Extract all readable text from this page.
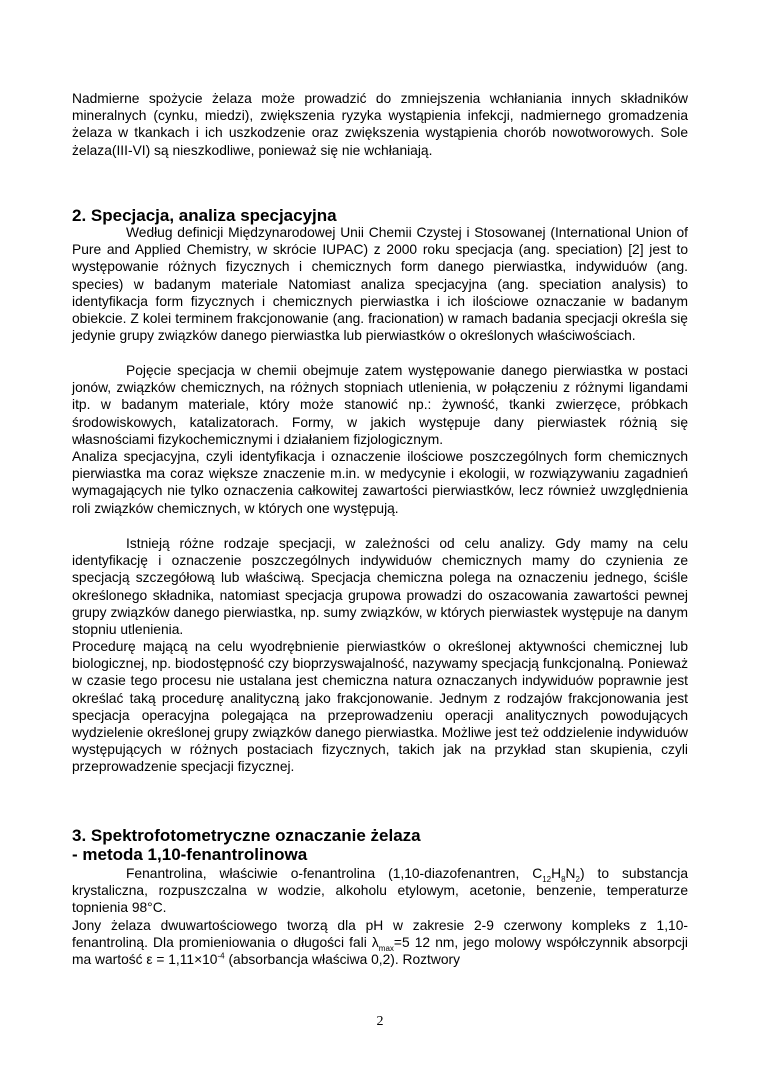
Nadmierne spożycie żelaza może prowadzić do zmniejszenia wchłaniania innych składników mineralnych (cynku, miedzi), zwiększenia ryzyka wystąpienia infekcji, nadmiernego gromadzenia żelaza w tkankach i ich uszkodzenie oraz zwiększenia wystąpienia chorób nowotworowych. Sole żelaza(III-VI) są nieszkodliwe, ponieważ się nie wchłaniają.
2. Specjacja, analiza specjacyjna
Według definicji Międzynarodowej Unii Chemii Czystej i Stosowanej (International Union of Pure and Applied Chemistry, w skrócie IUPAC) z 2000 roku specjacja (ang. speciation) [2] jest to występowanie różnych fizycznych i chemicznych form danego pierwiastka, indywiduów (ang. species) w badanym materiale Natomiast analiza specjacyjna (ang. speciation analysis) to identyfikacja form fizycznych i chemicznych pierwiastka i ich ilościowe oznaczanie w badanym obiekcie. Z kolei terminem frakcjonowanie (ang. fracionation) w ramach badania specjacji określa się jedynie grupy związków danego pierwiastka lub pierwiastków o określonych właściwościach.
Pojęcie specjacja w chemii obejmuje zatem występowanie danego pierwiastka w postaci jonów, związków chemicznych, na różnych stopniach utlenienia, w połączeniu z różnymi ligandami itp. w badanym materiale, który może stanowić np.: żywność, tkanki zwierzęce, próbkach środowiskowych, katalizatorach. Formy, w jakich występuje dany pierwiastek różnią się własnościami fizykochemicznymi i działaniem fizjologicznym.
Analiza specjacyjna, czyli identyfikacja i oznaczenie ilościowe poszczególnych form chemicznych pierwiastka ma coraz większe znaczenie m.in. w medycynie i ekologii, w rozwiązywaniu zagadnień wymagających nie tylko oznaczenia całkowitej zawartości pierwiastków, lecz również uwzględnienia roli związków chemicznych, w których one występują.
Istnieją różne rodzaje specjacji, w zależności od celu analizy. Gdy mamy na celu identyfikację i oznaczenie poszczególnych indywiduów chemicznych mamy do czynienia ze specjacją szczegółową lub właściwą. Specjacja chemiczna polega na oznaczeniu jednego, ściśle określonego składnika, natomiast specjacja grupowa prowadzi do oszacowania zawartości pewnej grupy związków danego pierwiastka, np. sumy związków, w których pierwiastek występuje na danym stopniu utlenienia.
Procedurę mającą na celu wyodrębnienie pierwiastków o określonej aktywności chemicznej lub biologicznej, np. biodostępność czy bioprzyswajalność, nazywamy specjacją funkcjonalną. Ponieważ w czasie tego procesu nie ustalana jest chemiczna natura oznaczanych indywiduów poprawnie jest określać taką procedurę analityczną jako frakcjonowanie. Jednym z rodzajów frakcjonowania jest specjacja operacyjna polegająca na przeprowadzeniu operacji analitycznych powodujących wydzielenie określonej grupy związków danego pierwiastka. Możliwe jest też oddzielenie indywiduów występujących w różnych postaciach fizycznych, takich jak na przykład stan skupienia, czyli przeprowadzenie specjacji fizycznej.
3. Spektrofotometryczne oznaczanie żelaza
- metoda 1,10-fenantrolinowa
Fenantrolina, właściwie o-fenantrolina (1,10-diazofenantren, $C_{12}H_8N_2$) to substancja krystaliczna, rozpuszczalna w wodzie, alkoholu etylowym, acetonie, benzenie, temperaturze topnienia 98°C.
Jony żelaza dwuwartościowego tworzą dla pH w zakresie 2-9 czerwony kompleks z 1,10-fenantroliną. Dla promieniowania o długości fali $\lambda_{max}=5$ 12 nm, jego molowy współczynnik absorpcji ma wartość $\varepsilon = 1,11\times 10^{-4}$ (absorbancja właściwa 0,2). Roztwory
2
